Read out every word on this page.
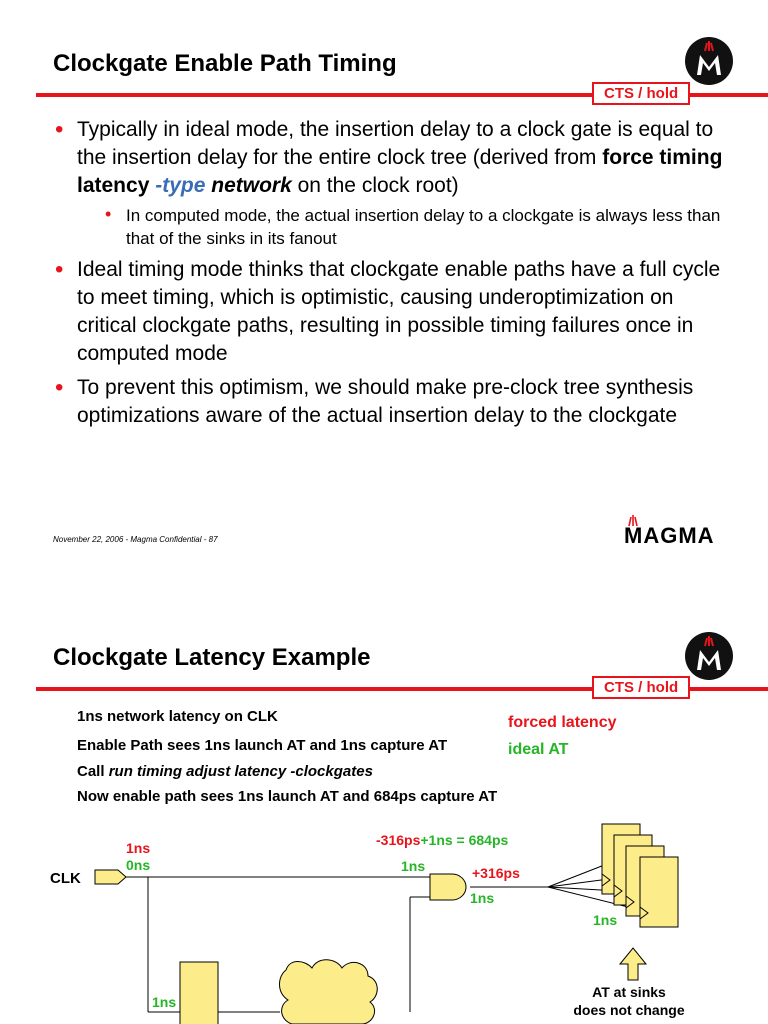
Clockgate Enable Path Timing
CTS / hold
• Typically in ideal mode, the insertion delay to a clock gate is equal to the insertion delay for the entire clock tree (derived from force timing latency -type network on the clock root)
• In computed mode, the actual insertion delay to a clockgate is always less than that of the sinks in its fanout
• Ideal timing mode thinks that clockgate enable paths have a full cycle to meet timing, which is optimistic, causing underoptimization on critical clockgate paths, resulting in possible timing failures once in computed mode
• To prevent this optimism, we should make pre-clock tree synthesis optimizations aware of the actual insertion delay to the clockgate
November 22, 2006 - Magma Confidential - 87	MAGMA
Clockgate Latency Example
CTS / hold
1ns network latency on CLK
Enable Path sees 1ns launch AT and 1ns capture AT
Call run timing adjust latency -clockgates
Now enable path sees 1ns launch AT and 684ps capture AT
forced latency
ideal AT
CLK
1ns
0ns
-316ps+1ns = 684ps
1ns	+316ps
1ns
1ns
1ns
AT at sinks
does not change
